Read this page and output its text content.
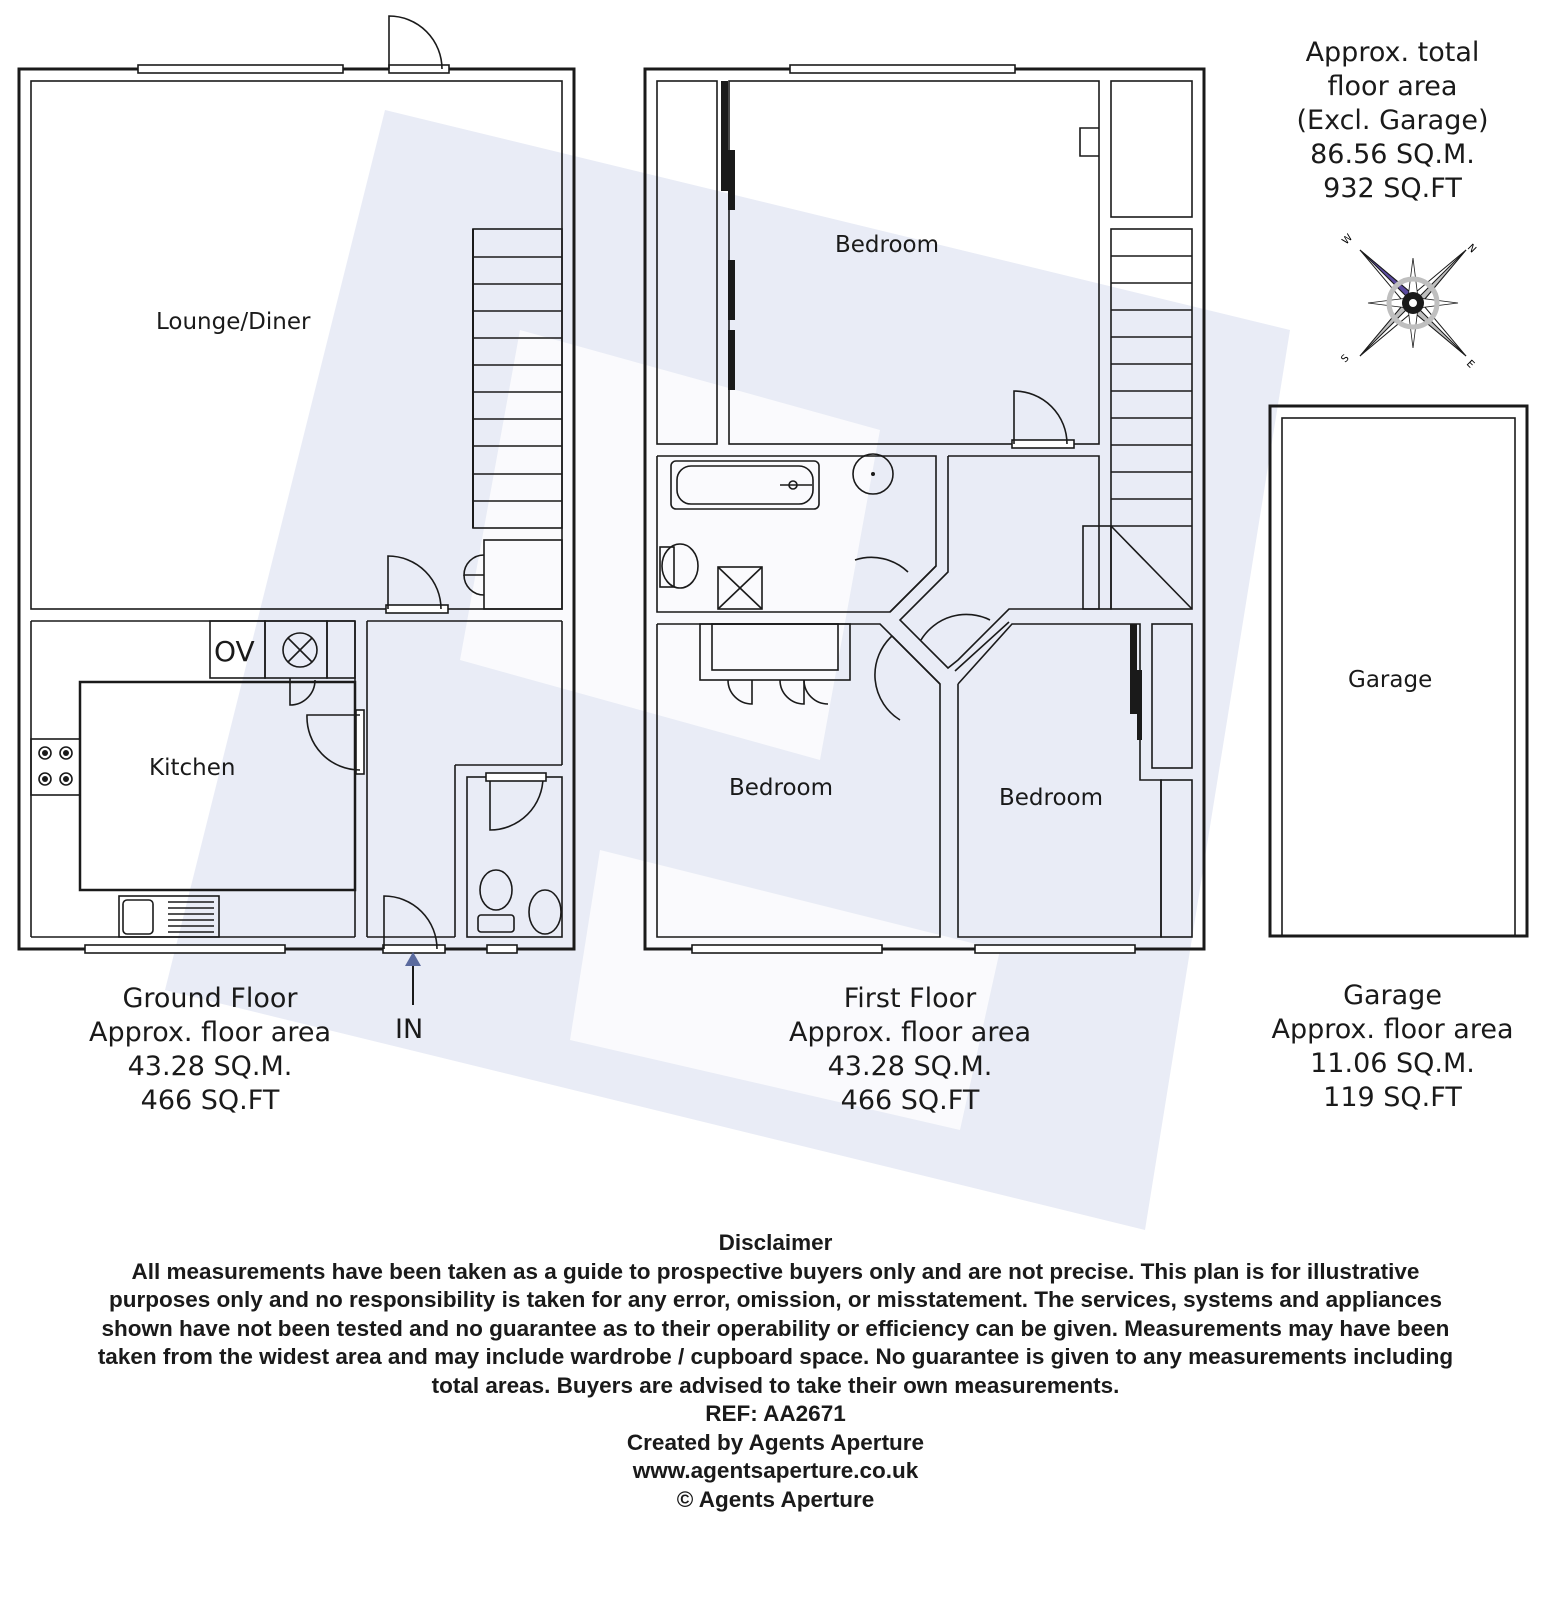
N
E
S
W
Lounge/Diner
Kitchen
OV
Bedroom
Bedroom	Bedroom
Garage
IN
Approx. total
floor area
(Excl. Garage)
86.56 SQ.M.
932 SQ.FT
Ground Floor
Approx. floor area
43.28 SQ.M.
466 SQ.FT
First Floor
Approx. floor area
43.28 SQ.M.
466 SQ.FT
Garage
Approx. floor area
11.06 SQ.M.
119 SQ.FT
Disclaimer
All measurements have been taken as a guide to prospective buyers only and are not precise. This plan is for illustrative purposes only and no responsibility is taken for any error, omission, or misstatement. The services, systems and appliances shown have not been tested and no guarantee as to their operability or efficiency can be given. Measurements may have been taken from the widest area and may include wardrobe / cupboard space. No guarantee is given to any measurements including total areas. Buyers are advised to take their own measurements.
REF: AA2671
Created by Agents Aperture
www.agentsaperture.co.uk
© Agents Aperture
